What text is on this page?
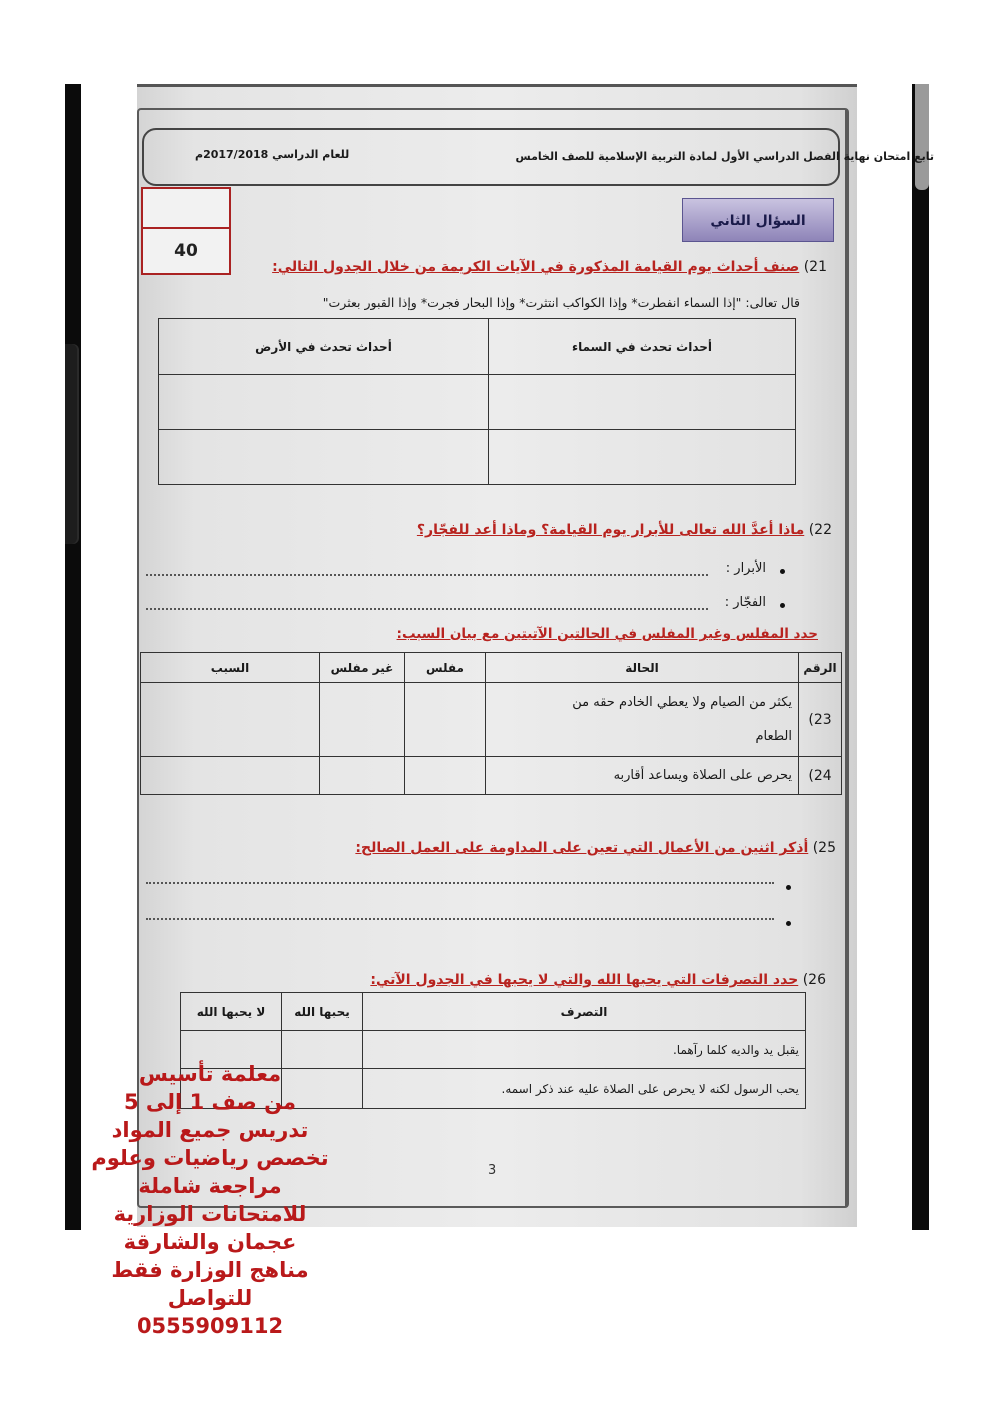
تابع امتحان نهاية الفصل الدراسي الأول لمادة التربية الإسلامية للصف الخامس
للعام الدراسي 2017/2018م
40
السؤال الثاني
21) صنف أحداث يوم القيامة المذكورة في الآيات الكريمة من خلال الجدول التالي:
قال تعالى: "إذا السماء انفطرت* وإذا الكواكب انتثرت* وإذا البحار فجرت* وإذا القبور بعثرت"
أحداث تحدث في السماء	أحداث تحدث في الأرض

22) ماذا أعدَّ الله تعالى للأبرار يوم القيامة؟ وماذا أعد للفجّار؟
الأبرار :
الفجّار :
حدد المفلس وغير المفلس في الحالتين الآتيتين مع بيان السبب:
الرقم	الحالة	مفلس	غير مفلس	السبب
23)	يكثر من الصيام ولا يعطي الخادم حقه من
الطعام			

24)	يحرص على الصلاة ويساعد أقاربه			
25) أذكر اثنين من الأعمال التي تعين على المداومة على العمل الصالح:
26) حدد التصرفات التي يحبها الله والتي لا يحبها في الجدول الآتي:
التصرف	يحبها الله	لا يحبها الله
يقبل يد والديه كلما رآهما.		
يحب الرسول لكنه لا يحرص على الصلاة عليه عند ذكر اسمه.		
3
معلمة تأسيس
من صف 1 إلى 5
تدريس جميع المواد
تخصص رياضيات وعلوم
مراجعة شاملة
للامتحانات الوزارية
عجمان والشارقة
مناهج الوزارة فقط
للتواصل
0555909112
